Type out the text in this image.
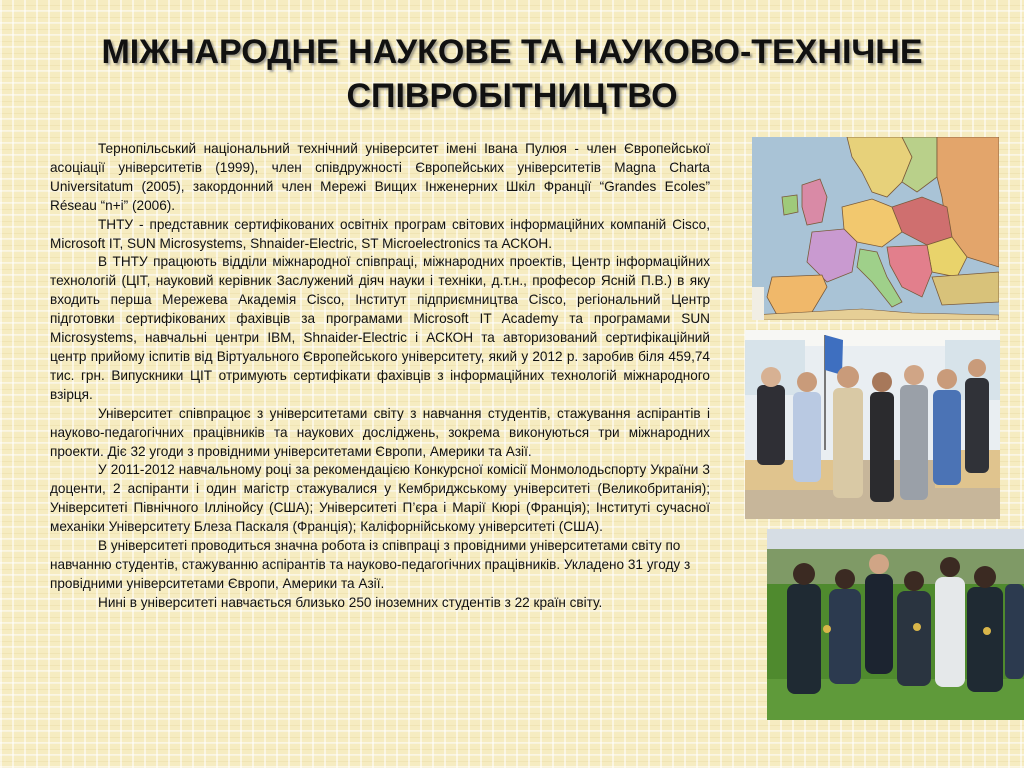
МІЖНАРОДНЕ НАУКОВЕ ТА НАУКОВО-ТЕХНІЧНЕ
СПІВРОБІТНИЦТВО

Тернопільський національний технічний університет імені Івана Пулюя - член Європейської асоціації університетів (1999), член співдружності Європейських університетів Magna Charta Universitatum (2005), закордонний член Мережі Вищих Інженерних Шкіл Франції “Grandes Ecoles” Réseau “n+i” (2006).

ТНТУ - представник сертифікованих освітніх програм світових інформаційних компаній Cisco, Microsoft IT, SUN Microsystems, Shnaider-Electric, ST Microelectronics та АСКОН.

В ТНТУ працюють відділи міжнародної співпраці, міжнародних проектів, Центр інформаційних технологій (ЦІТ, науковий керівник Заслужений діяч науки і техніки, д.т.н., професор Ясній П.В.) в яку входить перша Мережева Академія Cisco, Інститут підприємництва Cisco, регіональний Центр підготовки сертифікованих фахівців за програмами Microsoft IT Academy та програмами SUN Microsystems, навчальні центри IBM, Shnaider-Electric і АСКОН та авторизований сертифікаційний центр прийому іспитів від Віртуального Європейського університету, який у 2012 р. заробив біля 459,74 тис. грн. Випускники ЦІТ отримують сертифікати фахівців з інформаційних технологій міжнародного взірця.

Університет співпрацює з університетами світу з навчання студентів, стажування аспірантів і науково-педагогічних працівників та наукових досліджень, зокрема виконуються три міжнародних проекти. Діє 32 угоди з провідними університетами Європи, Америки та Азії.

У 2011-2012 навчальному році за рекомендацією Конкурсної комісії Монмолодьспорту України 3 доценти, 2 аспіранти і один магістр стажувалися у Кембриджському університеті (Великобританія); Університеті Північного Іллінойсу (США); Університеті П’єра і Марії Кюрі (Франція); Інституті сучасної механіки Університету Блеза Паскаля (Франція); Каліфорнійському університеті (США).

В університеті проводиться значна робота із співпраці з провідними університетами світу по навчанню студентів, стажуванню аспірантів та науково-педагогічних працівників. Укладено 31 угоду з провідними університетами Європи, Америки та Азії.

Нині в університеті навчається близько 250 іноземних студентів з 22 країн світу.
